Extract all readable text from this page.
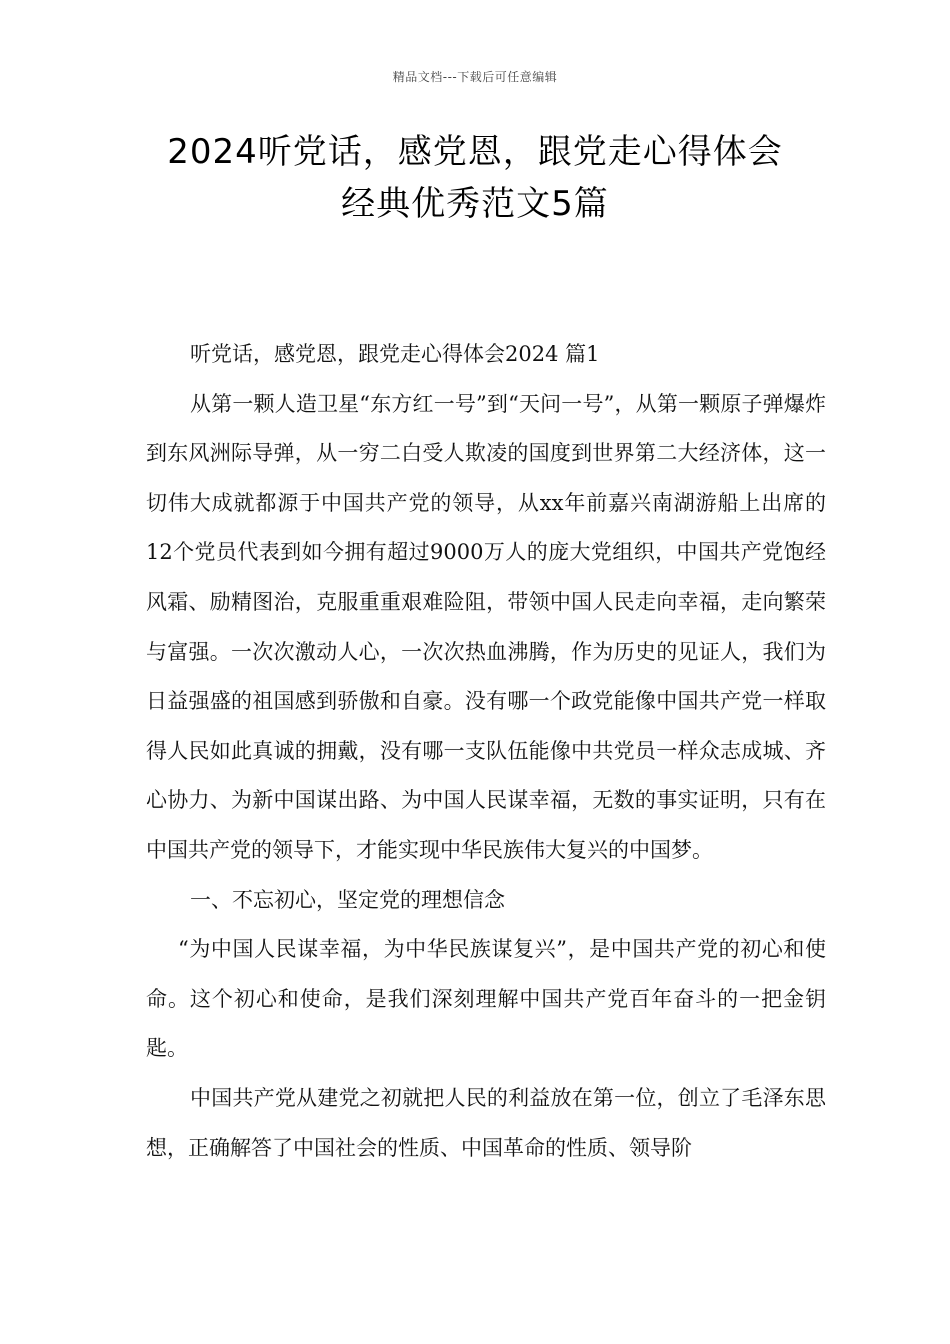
精品文档---下载后可任意编辑
2024听党话，感党恩，跟党走心得体会
经典优秀范文5篇

听党话，感党恩，跟党走心得体会2024 篇1

从第一颗人造卫星“东方红一号”到“天问一号”，从第一颗原子弹爆炸到东风洲际导弹，从一穷二白受人欺凌的国度到世界第二大经济体，这一切伟大成就都源于中国共产党的领导，从xx年前嘉兴南湖游船上出席的12个党员代表到如今拥有超过9000万人的庞大党组织，中国共产党饱经风霜、励精图治，克服重重艰难险阻，带领中国人民走向幸福，走向繁荣与富强。一次次激动人心，一次次热血沸腾，作为历史的见证人，我们为日益强盛的祖国感到骄傲和自豪。没有哪一个政党能像中国共产党一样取得人民如此真诚的拥戴，没有哪一支队伍能像中共党员一样众志成城、齐心协力、为新中国谋出路、为中国人民谋幸福，无数的事实证明，只有在中国共产党的领导下，才能实现中华民族伟大复兴的中国梦。

一、不忘初心，坚定党的理想信念

“为中国人民谋幸福，为中华民族谋复兴”，是中国共产党的初心和使命。这个初心和使命，是我们深刻理解中国共产党百年奋斗的一把金钥匙。

中国共产党从建党之初就把人民的利益放在第一位，创立了毛泽东思想，正确解答了中国社会的性质、中国革命的性质、领导阶
